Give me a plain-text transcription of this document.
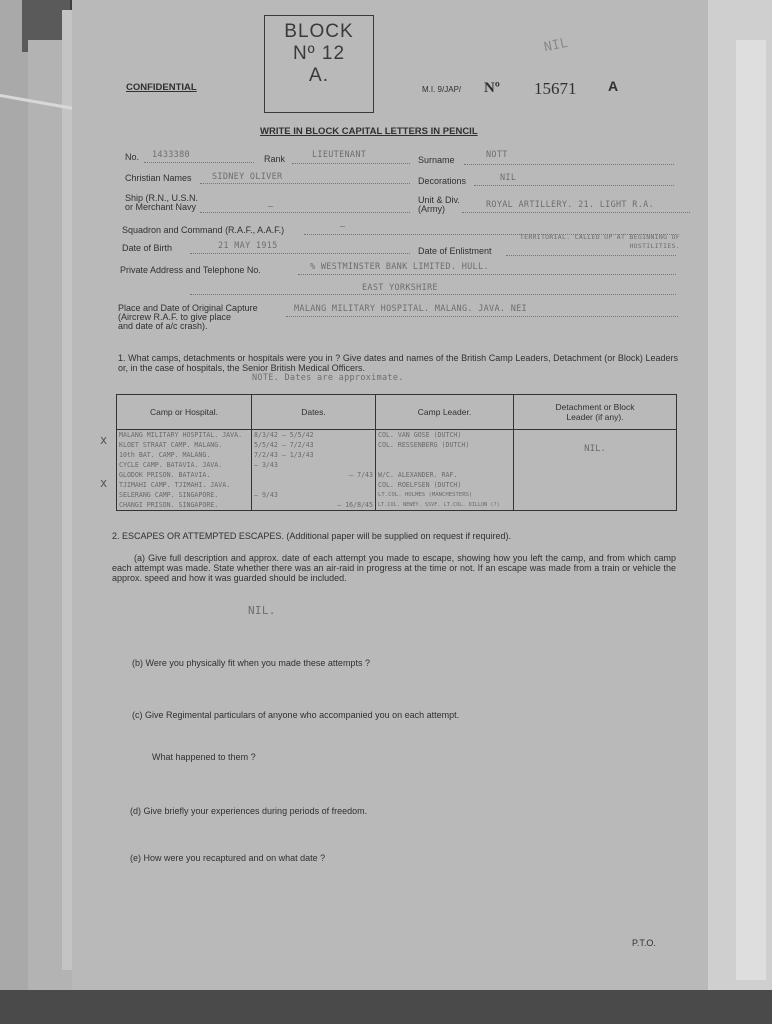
BLOCK
Nº 12
A.
CONFIDENTIAL	M.I. 9/JAP/ Nº 15671 A
NIL
WRITE IN BLOCK CAPITAL LETTERS IN PENCIL
No. 1433380	Rank	LIEUTENANT	Surname	NOTT
Christian Names SIDNEY OLIVER	Decorations	NIL
Ship (R.N., U.S.N.
or Merchant Navy	–
Unit & Div.
(Army)	ROYAL ARTILLERY. 21. LIGHT R.A.
Squadron and Command (R.A.F., A.A.F.)	–
Date of Birth	21 MAY 1915	Date of Enlistment
TERRITORIAL. CALLED UP AT BEGINNING OF HOSTILITIES.
Private Address and Telephone No.	% WESTMINSTER BANK LIMITED. HULL.
EAST YORKSHIRE
Place and Date of Original Capture
(Aircrew R.A.F. to give place
and date of a/c crash).
MALANG MILITARY HOSPITAL. MALANG. JAVA. NEI
1. What camps, detachments or hospitals were you in ? Give dates and names of the British Camp Leaders, Detachment (or Block) Leaders or, in the case of hospitals, the Senior British Medical Officers.
NOTE. Dates are approximate.
Camp or Hospital.	Dates.	Camp Leader.	Detachment or Block
Leader (if any).
MALANG MILITARY HOSPITAL. JAVA.	8/3/42 – 5/5/42	COL. VAN GOSE (DUTCH)	NIL.
KLOET STRAAT CAMP. MALANG.	5/5/42 – 7/2/43	COL. RESSENBERG (DUTCH)	
10th BAT. CAMP. MALANG.	7/2/43 – 1/3/43		
CYCLE CAMP. BATAVIA. JAVA.	– 3/43		
GLODOK PRISON. BATAVIA.	– 7/43	W/C. ALEXANDER. RAF.	
TJIMAHI CAMP. TJIMAHI. JAVA.		COL. ROELFSEN (DUTCH)	
SELERANG CAMP. SINGAPORE.	– 9/43	LT.COL. HOLMES (MANCHESTERS)	
CHANGI PRISON. SINGAPORE.	– 16/8/45	LT.COL. NEWEY. SSVF. LT.COL. DILLON (?)	
x
x
2. ESCAPES OR ATTEMPTED ESCAPES. (Additional paper will be supplied on request if required).
(a) Give full description and approx. date of each attempt you made to escape, showing how you left the camp, and from which camp each attempt was made. State whether there was an air-raid in progress at the time or not. If an escape was made from a train or vehicle the approx. speed and how it was guarded should be included.
NIL.
(b) Were you physically fit when you made these attempts ?
(c) Give Regimental particulars of anyone who accompanied you on each attempt.
What happened to them ?
(d) Give briefly your experiences during periods of freedom.
(e) How were you recaptured and on what date ?
P.T.O.
